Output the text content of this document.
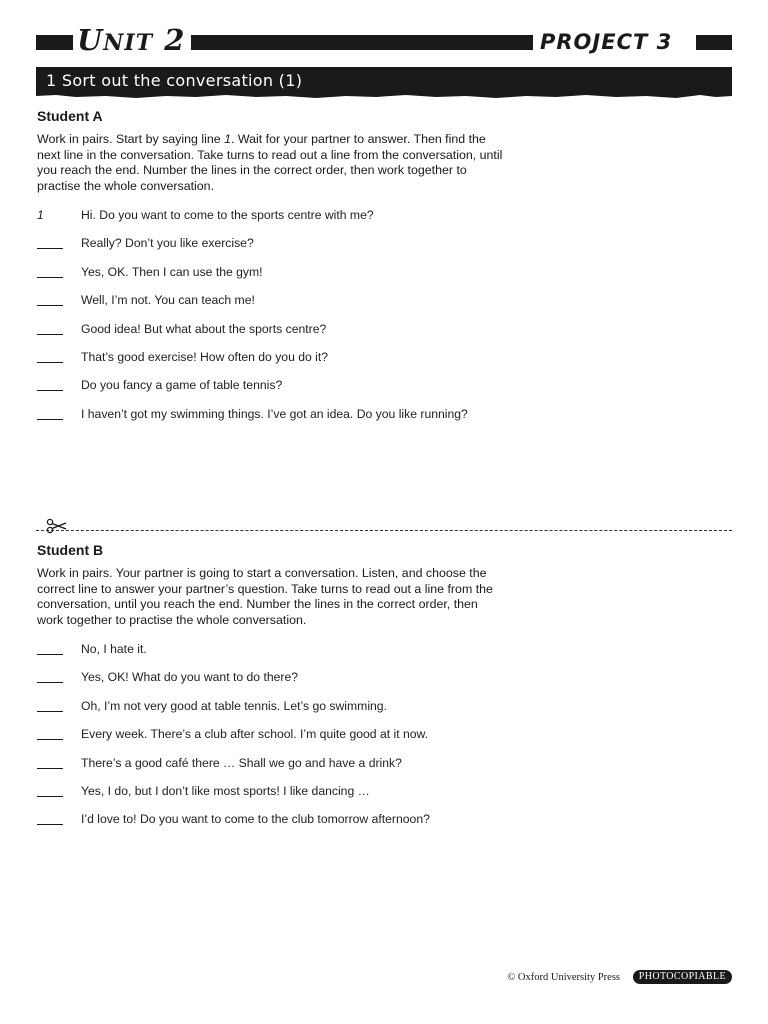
UNIT 2	PROJECT 3
1 Sort out the conversation (1)
Student A

Work in pairs. Start by saying line 1. Wait for your partner to answer. Then find the next line in the conversation. Take turns to read out a line from the conversation, until you reach the end. Number the lines in the correct order, then work together to practise the whole conversation.

1	Hi. Do you want to come to the sports centre with me?
Really? Don’t you like exercise?
Yes, OK. Then I can use the gym!
Well, I’m not. You can teach me!
Good idea! But what about the sports centre?
That’s good exercise! How often do you do it?
Do you fancy a game of table tennis?
I haven’t got my swimming things. I’ve got an idea. Do you like running?
Student B

Work in pairs. Your partner is going to start a conversation. Listen, and choose the correct line to answer your partner’s question. Take turns to read out a line from the conversation, until you reach the end. Number the lines in the correct order, then work together to practise the whole conversation.

No, I hate it.
Yes, OK! What do you want to do there?
Oh, I’m not very good at table tennis. Let’s go swimming.
Every week. There’s a club after school. I’m quite good at it now.
There’s a good café there … Shall we go and have a drink?
Yes, I do, but I don’t like most sports! I like dancing …
I’d love to! Do you want to come to the club tomorrow afternoon?
© Oxford University Press	PHOTOCOPIABLE
